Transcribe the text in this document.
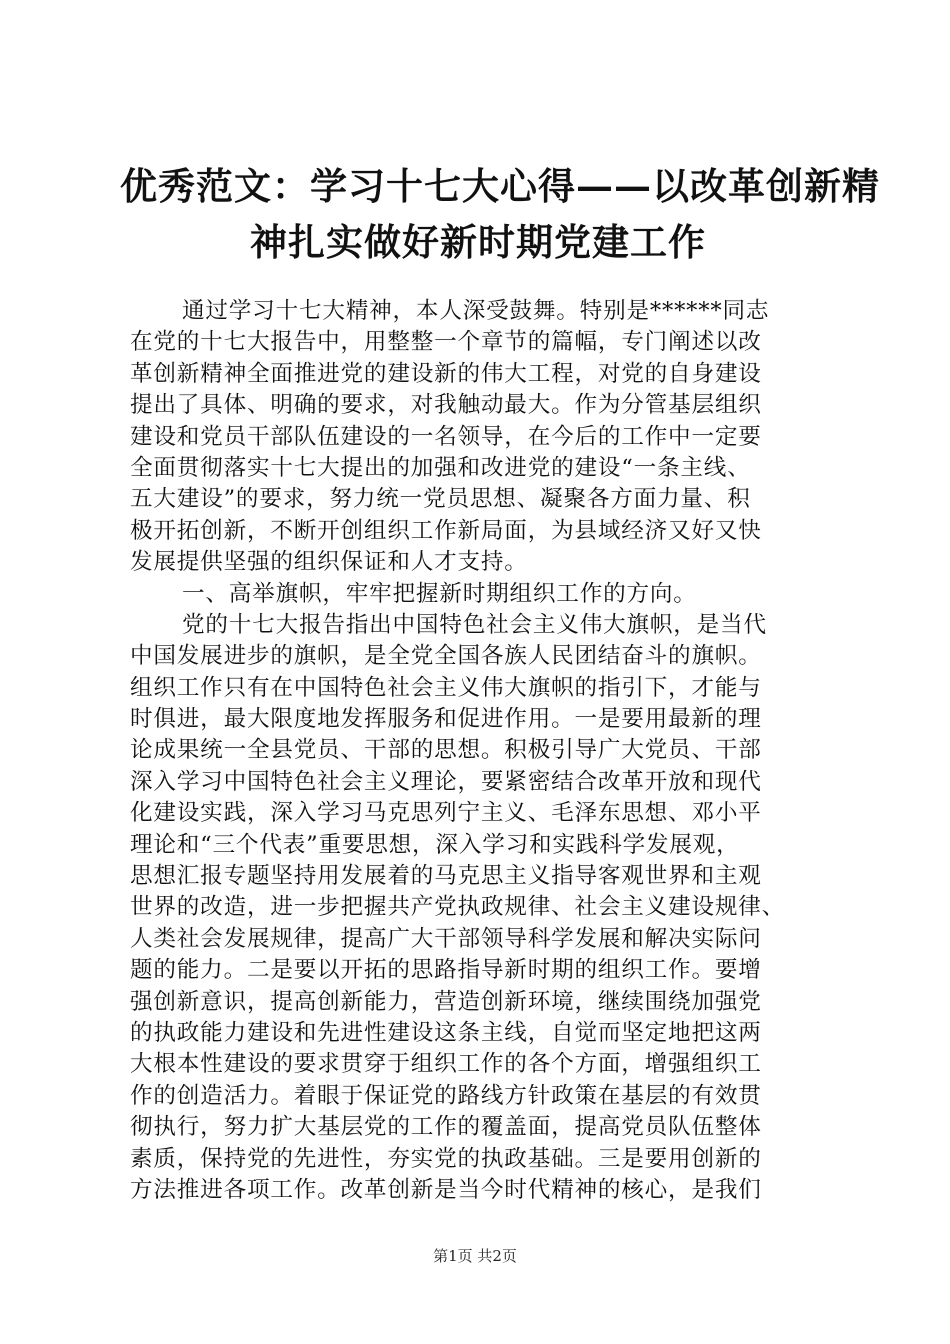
优秀范文：学习十七大心得——以改革创新精
神扎实做好新时期党建工作
通过学习十七大精神，本人深受鼓舞。特别是******同志
在党的十七大报告中，用整整一个章节的篇幅，专门阐述以改
革创新精神全面推进党的建设新的伟大工程，对党的自身建设
提出了具体、明确的要求，对我触动最大。作为分管基层组织
建设和党员干部队伍建设的一名领导，在今后的工作中一定要
全面贯彻落实十七大提出的加强和改进党的建设“一条主线、
五大建设”的要求，努力统一党员思想、凝聚各方面力量、积
极开拓创新，不断开创组织工作新局面，为县域经济又好又快
发展提供坚强的组织保证和人才支持。
一、高举旗帜，牢牢把握新时期组织工作的方向。
党的十七大报告指出中国特色社会主义伟大旗帜，是当代
中国发展进步的旗帜，是全党全国各族人民团结奋斗的旗帜。
组织工作只有在中国特色社会主义伟大旗帜的指引下，才能与
时俱进，最大限度地发挥服务和促进作用。一是要用最新的理
论成果统一全县党员、干部的思想。积极引导广大党员、干部
深入学习中国特色社会主义理论，要紧密结合改革开放和现代
化建设实践，深入学习马克思列宁主义、毛泽东思想、邓小平
理论和“三个代表”重要思想，深入学习和实践科学发展观，
思想汇报专题坚持用发展着的马克思主义指导客观世界和主观
世界的改造，进一步把握共产党执政规律、社会主义建设规律、
人类社会发展规律，提高广大干部领导科学发展和解决实际问
题的能力。二是要以开拓的思路指导新时期的组织工作。要增
强创新意识，提高创新能力，营造创新环境，继续围绕加强党
的执政能力建设和先进性建设这条主线，自觉而坚定地把这两
大根本性建设的要求贯穿于组织工作的各个方面，增强组织工
作的创造活力。着眼于保证党的路线方针政策在基层的有效贯
彻执行，努力扩大基层党的工作的覆盖面，提高党员队伍整体
素质，保持党的先进性，夯实党的执政基础。三是要用创新的
方法推进各项工作。改革创新是当今时代精神的核心，是我们
第1页 共2页
